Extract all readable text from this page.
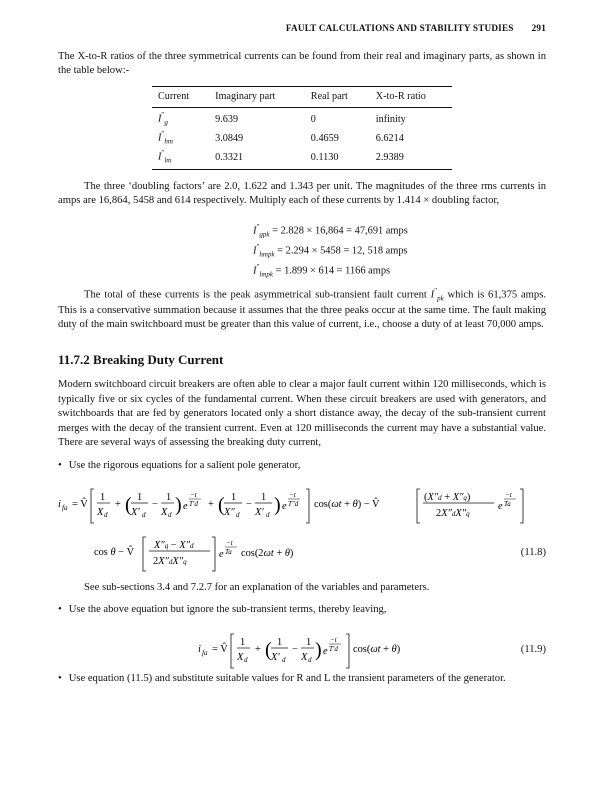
FAULT CALCULATIONS AND STABILITY STUDIES 291

The X-to-R ratios of the three symmetrical currents can be found from their real and imaginary parts, as shown in the table below:-

Current	Imaginary part	Real part	X-to-R ratio
$I''_g$	9.639	0	infinity
$I''_{hm}$	3.0849	0.4659	6.6214
$I''_{lm}$	0.3321	0.1130	2.9389

The three ‘doubling factors’ are 2.0, 1.622 and 1.343 per unit. The magnitudes of the three rms currents in amps are 16,864, 5458 and 614 respectively. Multiply each of these currents by 1.414 × doubling factor,

$I''_{gpk} = 2.828 \times 16,864 = 47,691$ amps
$I''_{hmpk} = 2.294 \times 5458 = 12$, 518 amps
$I''_{lmpk} = 1.899 \times 614 = 1166$ amps

The total of these currents is the peak asymmetrical sub-transient fault current $I''_{pk}$ which is 61,375 amps. This is a conservative summation because it assumes that the three peaks occur at the same time. The fault making duty of the main switchboard must be greater than this value of current, i.e., choose a duty of at least 70,000 amps.

11.7.2 Breaking Duty Current

Modern switchboard circuit breakers are often able to clear a major fault current within 120 milliseconds, which is typically five or six cycles of the fundamental current. When these circuit breakers are used with generators, and switchboards that are fed by generators located only a short distance away, the decay of the sub-transient current merges with the decay of the transient current. Even at 120 milliseconds the current may have a substantial value. There are several ways of assessing the breaking duty current,

• Use the rigorous equations for a salient pole generator,
i fa = V̂
1
X d
+ ( 1
X′ d
−
1
X d ) e
−t
T′d + ( 1
X″ d
−
1
X′ d ) e
−t
T″d cos(ωt + θ) − V̂
(X″d + X″q)
2X″dX″q
e
−t
Ta
cos θ − V̂
X″q − X″d
2X″dX″q
e
−t
Ta cos(2ωt + θ)	(11.8)

See sub-sections 3.4 and 7.2.7 for an explanation of the variables and parameters.

• Use the above equation but ignore the sub-transient terms, thereby leaving,
i fa = V̂
1
X d
+ ( 1
X′ d
−
1
X d ) e
−t
T′d cos(ωt + θ)	(11.9)
• Use equation (11.5) and substitute suitable values for R and L the transient parameters of the generator.
